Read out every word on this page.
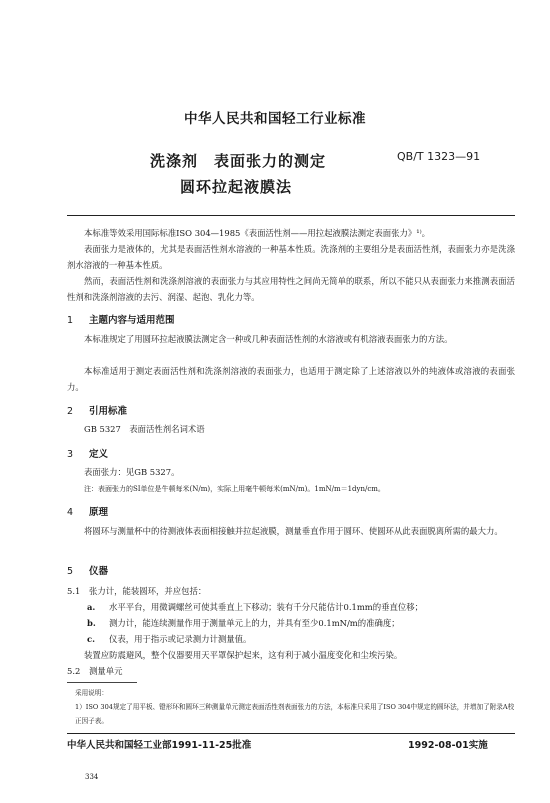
中华人民共和国轻工行业标准
洗涤剂　表面张力的测定
圆环拉起液膜法
QB/T 1323—91
本标准等效采用国际标准ISO 304—1985《表面活性剂——用拉起液膜法测定表面张力》¹⁾。
表面张力是液体的，尤其是表面活性剂水溶液的一种基本性质。洗涤剂的主要组分是表面活性剂，表面张力亦是洗涤剂水溶液的一种基本性质。
然而，表面活性剂和洗涤剂溶液的表面张力与其应用特性之间尚无简单的联系，所以不能只从表面张力来推测表面活性剂和洗涤剂溶液的去污、润湿、起泡、乳化力等。
1 主题内容与适用范围
本标准规定了用圆环拉起液膜法测定含一种或几种表面活性剂的水溶液或有机溶液表面张力的方法。
本标准适用于测定表面活性剂和洗涤剂溶液的表面张力，也适用于测定除了上述溶液以外的纯液体或溶液的表面张力。
2 引用标准
GB 5327　表面活性剂名词术语
3 定义
表面张力：见GB 5327。
注：表面张力的SI单位是牛顿每米(N/m)，实际上用毫牛顿每米(mN/m)。1mN/m＝1dyn/cm。
4 原理
将圆环与测量杯中的待测液体表面相接触并拉起液膜，测量垂直作用于圆环、使圆环从此表面脱离所需的最大力。
5 仪器
5.1 张力计，能装圆环，并应包括：
a. 水平平台，用微调螺丝可使其垂直上下移动；装有千分尺能估计0.1mm的垂直位移；
b. 测力计，能连续测量作用于测量单元上的力，并具有至少0.1mN/m的准确度；
c. 仪表，用于指示或记录测力计测量值。
装置应防震避风，整个仪器要用天平罩保护起来，这有利于减小温度变化和尘埃污染。
5.2 测量单元
采用说明：
1）ISO 304规定了用平板、镫形环和圆环三种测量单元测定表面活性剂表面张力的方法，本标准只采用了ISO 304中规定的圆环法，并增加了附录A校正因子表。
中华人民共和国轻工业部1991-11-25批准	1992-08-01实施
334
